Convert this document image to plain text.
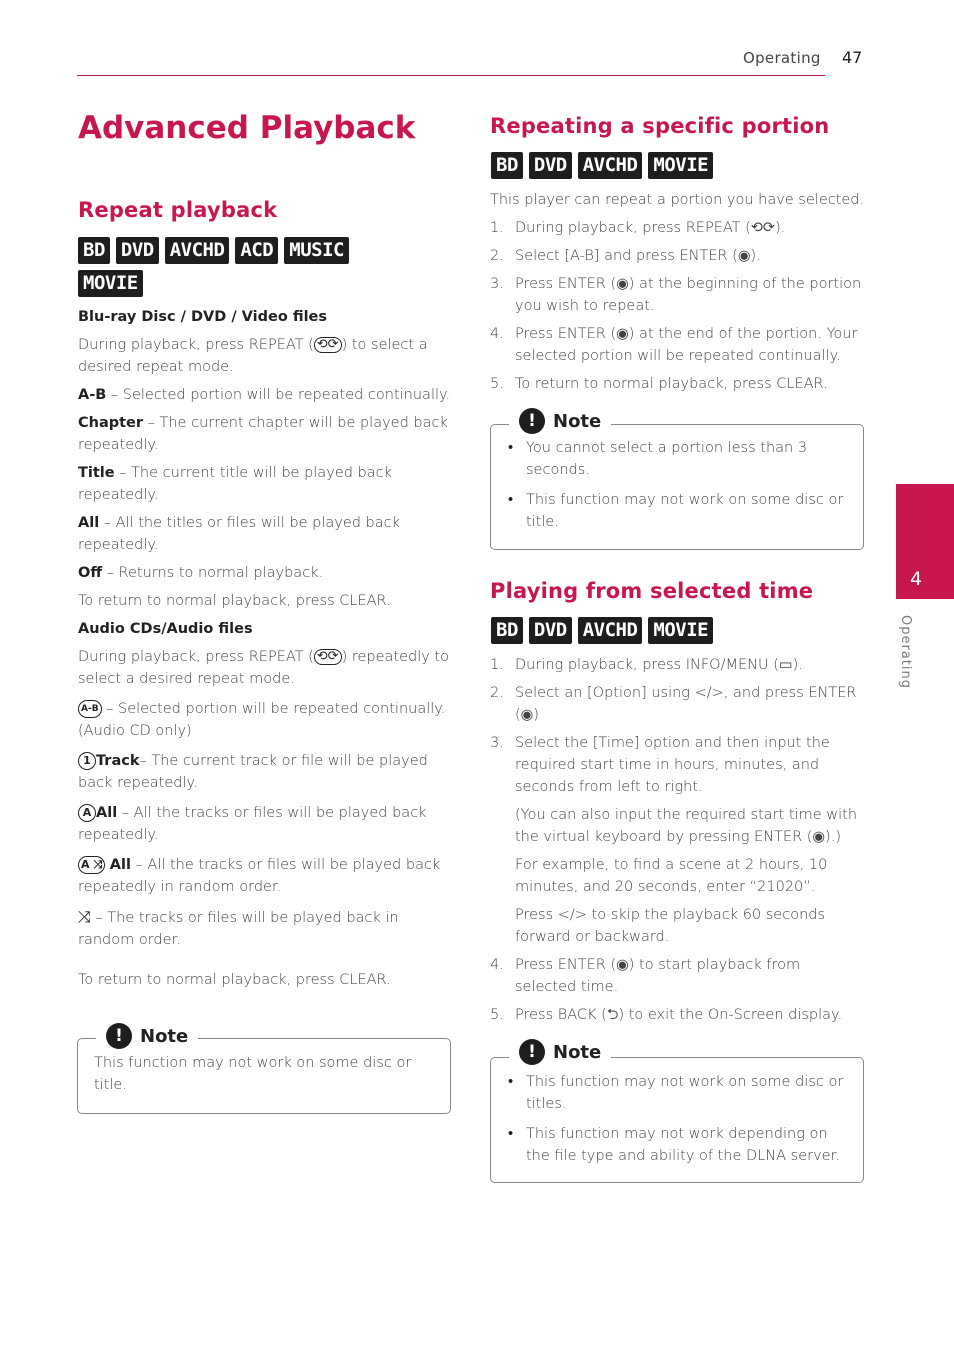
Operating 47
4
Operating
Advanced Playback
Repeat playback
BD DVD AVCHD ACD MUSIC
MOVIE
Blu-ray Disc / DVD / Video files
During playback, press REPEAT ( ⟲⟳ ) to select a desired repeat mode.
A-B – Selected portion will be repeated continually.
Chapter – The current chapter will be played back repeatedly.
Title – The current title will be played back repeatedly.
All – All the titles or files will be played back repeatedly.
Off – Returns to normal playback.
To return to normal playback, press CLEAR.
Audio CDs/Audio files
During playback, press REPEAT ( ⟲⟳ ) repeatedly to select a desired repeat mode.
A-B – Selected portion will be repeated continually. (Audio CD only)
1 Track– The current track or file will be played back repeatedly.
A All – All the tracks or files will be played back repeatedly.
A ⤨ All – All the tracks or files will be played back repeatedly in random order.
⤨ – The tracks or files will be played back in random order.
To return to normal playback, press CLEAR.
! Note
This function may not work on some disc or title.
Repeating a specific portion
BD DVD AVCHD MOVIE
This player can repeat a portion you have selected.
1. During playback, press REPEAT (⟲⟳).
2. Select [A-B] and press ENTER (◉).
3. Press ENTER (◉) at the beginning of the portion you wish to repeat.
4. Press ENTER (◉) at the end of the portion. Your selected portion will be repeated continually.
5. To return to normal playback, press CLEAR.
! Note
• You cannot select a portion less than 3 seconds.
• This function may not work on some disc or title.
Playing from selected time
BD DVD AVCHD MOVIE
1. During playback, press INFO/MENU (▭).
2. Select an [Option] using </>, and press ENTER (◉)
3. Select the [Time] option and then input the required start time in hours, minutes, and seconds from left to right.
(You can also input the required start time with the virtual keyboard by pressing ENTER (◉).)
For example, to find a scene at 2 hours, 10 minutes, and 20 seconds, enter “21020”.
Press </> to skip the playback 60 seconds forward or backward.
4. Press ENTER (◉) to start playback from selected time.
5. Press BACK (⮌) to exit the On-Screen display.
! Note
• This function may not work on some disc or titles.
• This function may not work depending on the file type and ability of the DLNA server.
